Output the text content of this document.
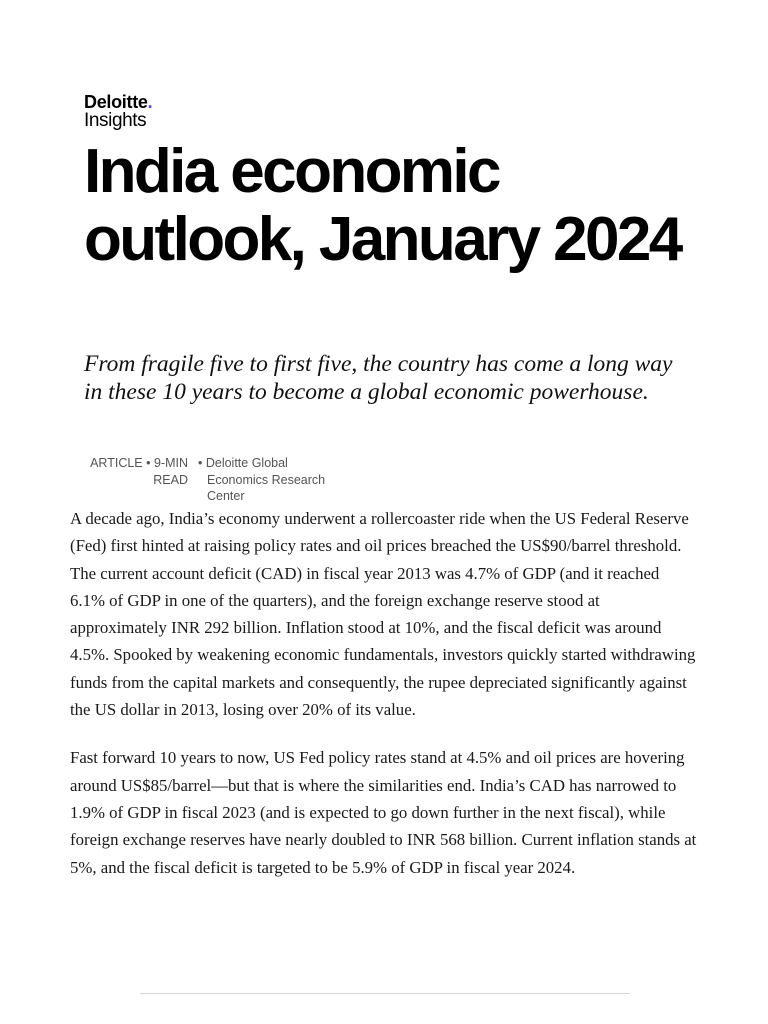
Deloitte.
Insights
India economic outlook, January 2024

From fragile five to first five, the country has come a long way in these 10 years to become a global economic powerhouse.

ARTICLE • 9-MIN
READ
• Deloitte Global
Economics Research
Center

A decade ago, India’s economy underwent a rollercoaster ride when the US Federal Reserve (Fed) first hinted at raising policy rates and oil prices breached the US$90/barrel threshold. The current account deficit (CAD) in fiscal year 2013 was 4.7% of GDP (and it reached 6.1% of GDP in one of the quarters), and the foreign exchange reserve stood at approximately INR 292 billion. Inflation stood at 10%, and the fiscal deficit was around 4.5%. Spooked by weakening economic fundamentals, investors quickly started withdrawing funds from the capital markets and consequently, the rupee depreciated significantly against the US dollar in 2013, losing over 20% of its value.

Fast forward 10 years to now, US Fed policy rates stand at 4.5% and oil prices are hovering around US$85/barrel—but that is where the similarities end. India’s CAD has narrowed to 1.9% of GDP in fiscal 2023 (and is expected to go down further in the next fiscal), while foreign exchange reserves have nearly doubled to INR 568 billion. Current inflation stands at 5%, and the fiscal deficit is targeted to be 5.9% of GDP in fiscal year 2024.
